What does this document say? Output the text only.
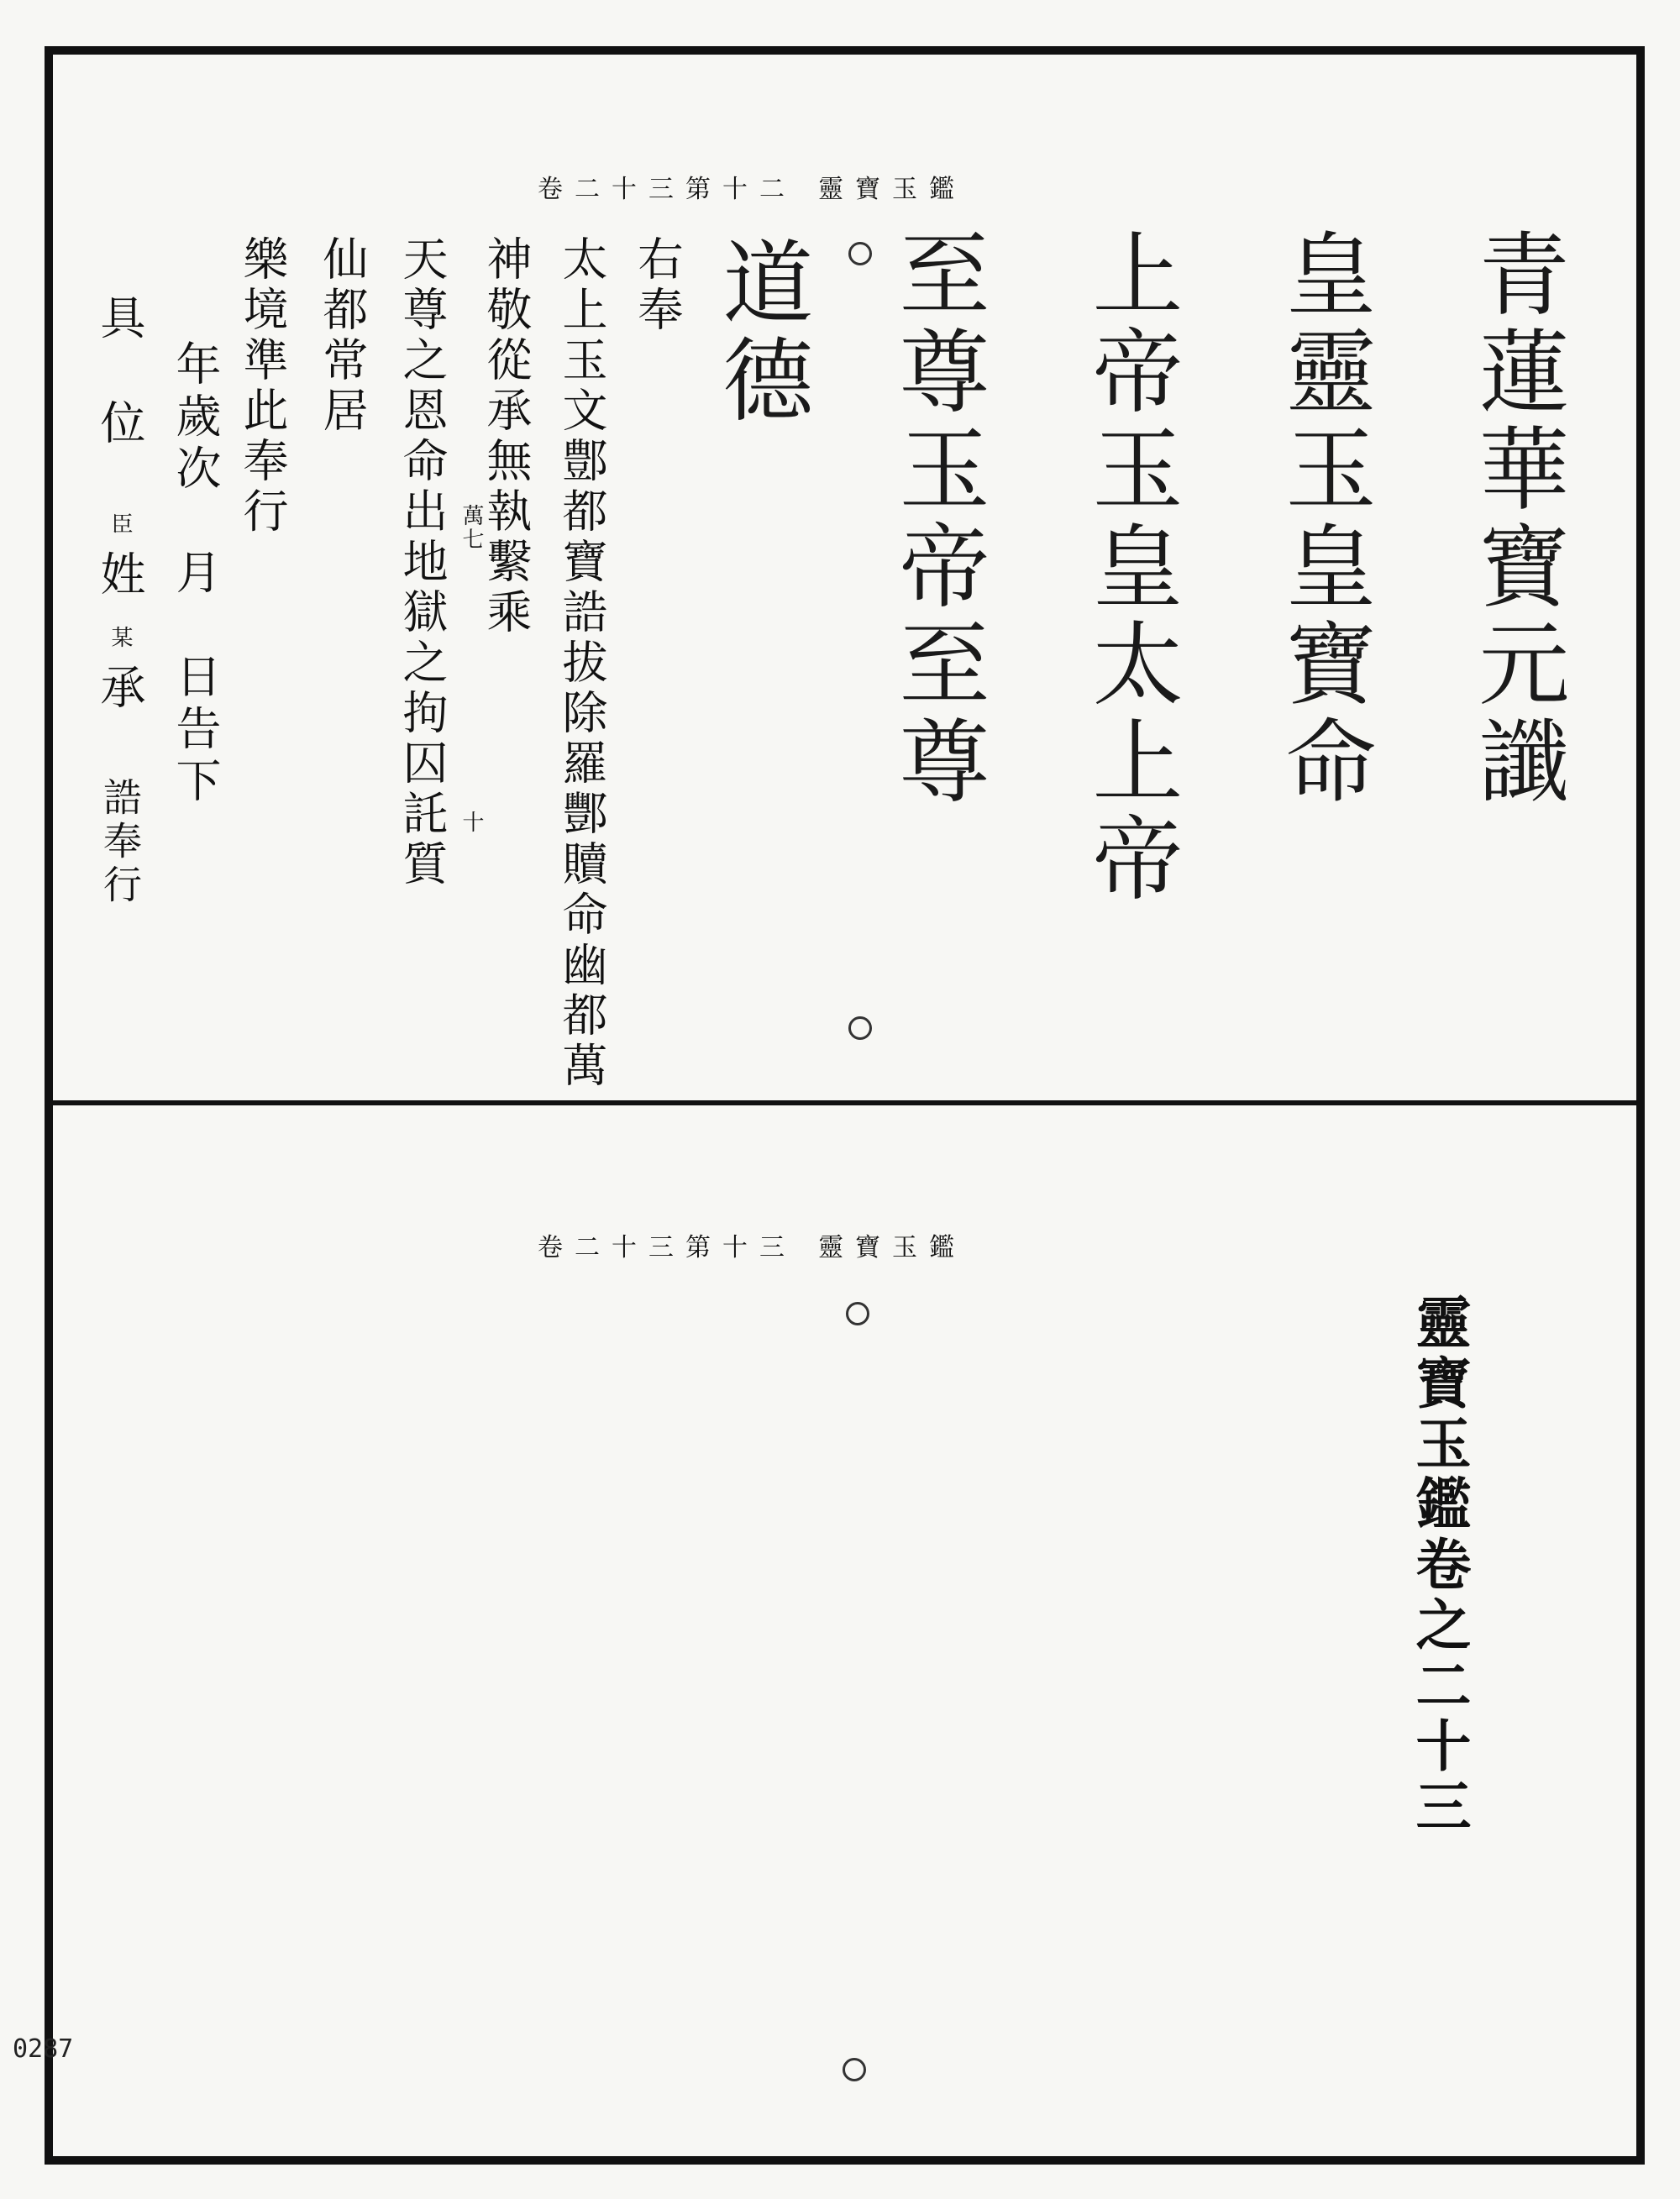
0287
卷二十三第十二 靈寶玉鑑
青蓮華寶元讖
皇靈玉皇寶命
上帝玉皇太上帝
至尊玉帝至尊
道德
右奉
太上玉文鄷都寶誥拔除羅酆贖命幽都萬
神敬從承無執繫乘
萬七
天尊之恩命出地獄之拘囚託質 十
仙都常居
樂境準此奉行
年歲次　月　日告下
具
位
臣
姓
某
承
誥奉行
卷二十三第十三 靈寶玉鑑
靈寶玉鑑卷之二十三
